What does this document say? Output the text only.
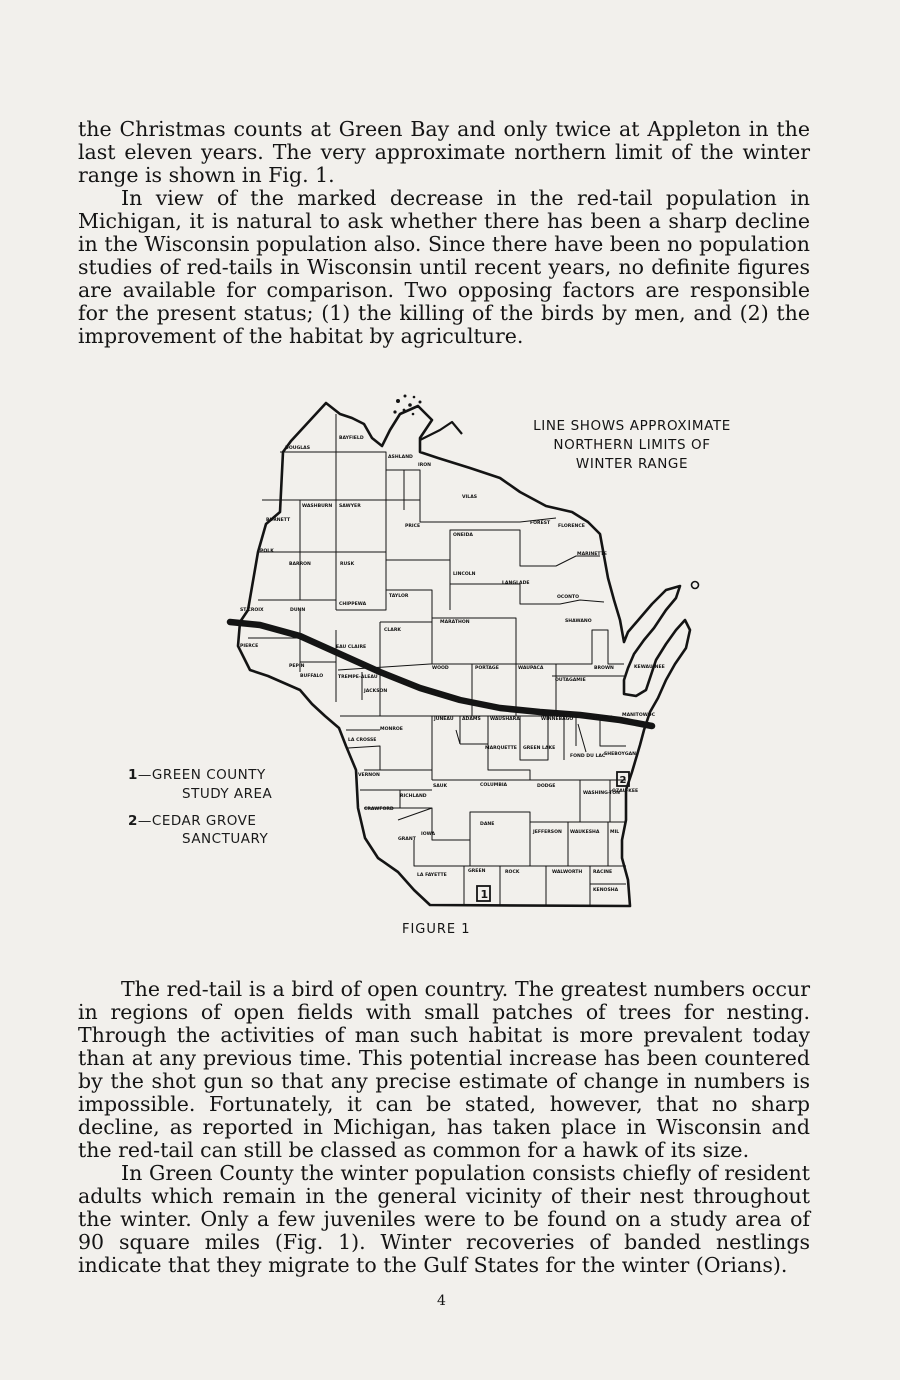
the Christmas counts at Green Bay and only twice at Appleton in the last eleven years. The very approximate northern limit of the winter range is shown in Fig. 1.

In view of the marked decrease in the red-tail population in Michigan, it is natural to ask whether there has been a sharp decline in the Wisconsin population also. Since there have been no population studies of red-tails in Wisconsin until recent years, no definite figures are available for comparison. Two opposing factors are responsible for the present status; (1) the killing of the birds by men, and (2) the improvement of the habitat by agriculture.

1
2
DOUGLAS
BAYFIELD
ASHLAND
IRON
VILAS
WASHBURN SAWYER
BURNETT
PRICE
ONEIDA
FOREST
FLORENCE
POLK
BARRON	RUSK
MARINETTE
LINCOLN
LANGLADE
OCONTO
TAYLOR
CHIPPEWA
ST.CROIX	DUNN
MARATHON	SHAWANO
CLARK
PIERCE	EAU CLAIRE
PEPIN	WOOD	PORTAGE	WAUPACA	BROWN	KEWAU-NEE
BUFFALO	TREMPE-ALEAU
JACKSON
OUTAGAMIE
MANITOWOC
JUNEAU ADAMS WAUSHARA	WINNEBAGO	CALU-MET
MONROE
LA CROSSE
MARQUETTE GREEN LAKE
FOND DU LAC
SHEBOYGAN
VERNON
SAUK	COLUMBIA	DODGE
RICHLAND
WASHING-TON
OZAU-KEE
CRAWFORD
DANE
GRANT
IOWA	JEFFERSON WAUKESHA MIL
LA FAYETTE
GREEN	ROCK	WALWORTH RACINE
KENOSHA
LINE SHOWS APPROXIMATE
NORTHERN LIMITS OF
WINTER RANGE
1—GREEN COUNTY
STUDY AREA
2—CEDAR GROVE
SANCTUARY
FIGURE 1

The red-tail is a bird of open country. The greatest numbers occur in regions of open fields with small patches of trees for nesting. Through the activities of man such habitat is more prevalent today than at any previous time. This potential increase has been countered by the shot gun so that any precise estimate of change in numbers is impossible. Fortunately, it can be stated, however, that no sharp decline, as reported in Michigan, has taken place in Wisconsin and the red-tail can still be classed as common for a hawk of its size.

In Green County the winter population consists chiefly of resident adults which remain in the general vicinity of their nest throughout the winter. Only a few juveniles were to be found on a study area of 90 square miles (Fig. 1). Winter recoveries of banded nestlings indicate that they migrate to the Gulf States for the winter (Orians).

4
